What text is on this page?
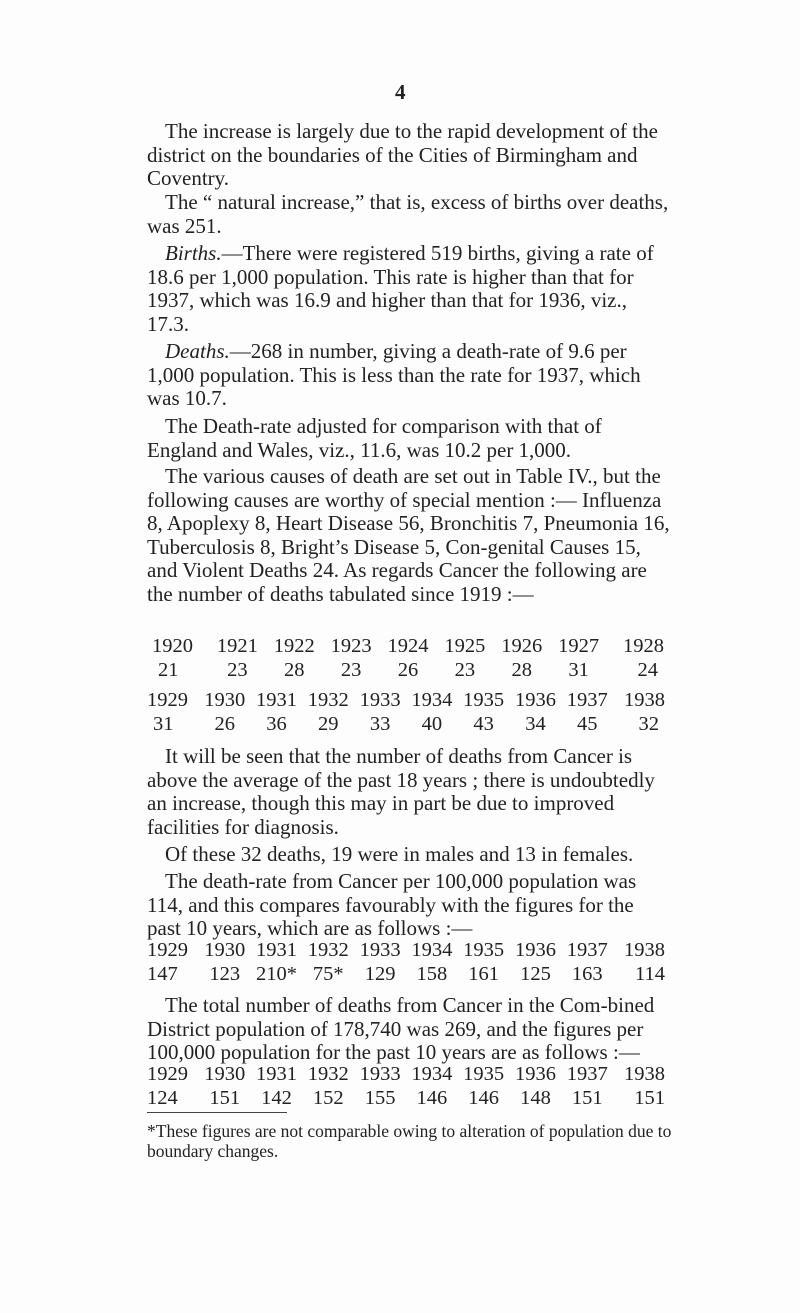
4

The increase is largely due to the rapid development of the district on the boundaries of the Cities of Birmingham and Coventry.

The “ natural increase,” that is, excess of births over deaths, was 251.

Births.—There were registered 519 births, giving a rate of 18.6 per 1,000 population. This rate is higher than that for 1937, which was 16.9 and higher than that for 1936, viz., 17.3.

Deaths.—268 in number, giving a death-rate of 9.6 per 1,000 population. This is less than the rate for 1937, which was 10.7.

The Death-rate adjusted for comparison with that of England and Wales, viz., 11.6, was 10.2 per 1,000.

The various causes of death are set out in Table IV., but the following causes are worthy of special mention :— Influenza 8, Apoplexy 8, Heart Disease 56, Bronchitis 7, Pneumonia 16, Tuberculosis 8, Bright’s Disease 5, Con-genital Causes 15, and Violent Deaths 24. As regards Cancer the following are the number of deaths tabulated since 1919 :—

1920	1921	1922	1923	1924	1925	1926	1927	1928
21	23	28	23	26	23	28	31	24
1929	1930	1931	1932	1933	1934	1935	1936	1937	1938
31	26	36	29	33	40	43	34	45	32

It will be seen that the number of deaths from Cancer is above the average of the past 18 years ; there is undoubtedly an increase, though this may in part be due to improved facilities for diagnosis.

Of these 32 deaths, 19 were in males and 13 in females.

The death-rate from Cancer per 100,000 population was 114, and this compares favourably with the figures for the past 10 years, which are as follows :—

1929	1930	1931	1932	1933	1934	1935	1936	1937	1938
147	123	210*	75*	129	158	161	125	163	114

The total number of deaths from Cancer in the Com-bined District population of 178,740 was 269, and the figures per 100,000 population for the past 10 years are as follows :—

1929	1930	1931	1932	1933	1934	1935	1936	1937	1938
124	151	142	152	155	146	146	148	151	151

*These figures are not comparable owing to alteration of population due to boundary changes.
